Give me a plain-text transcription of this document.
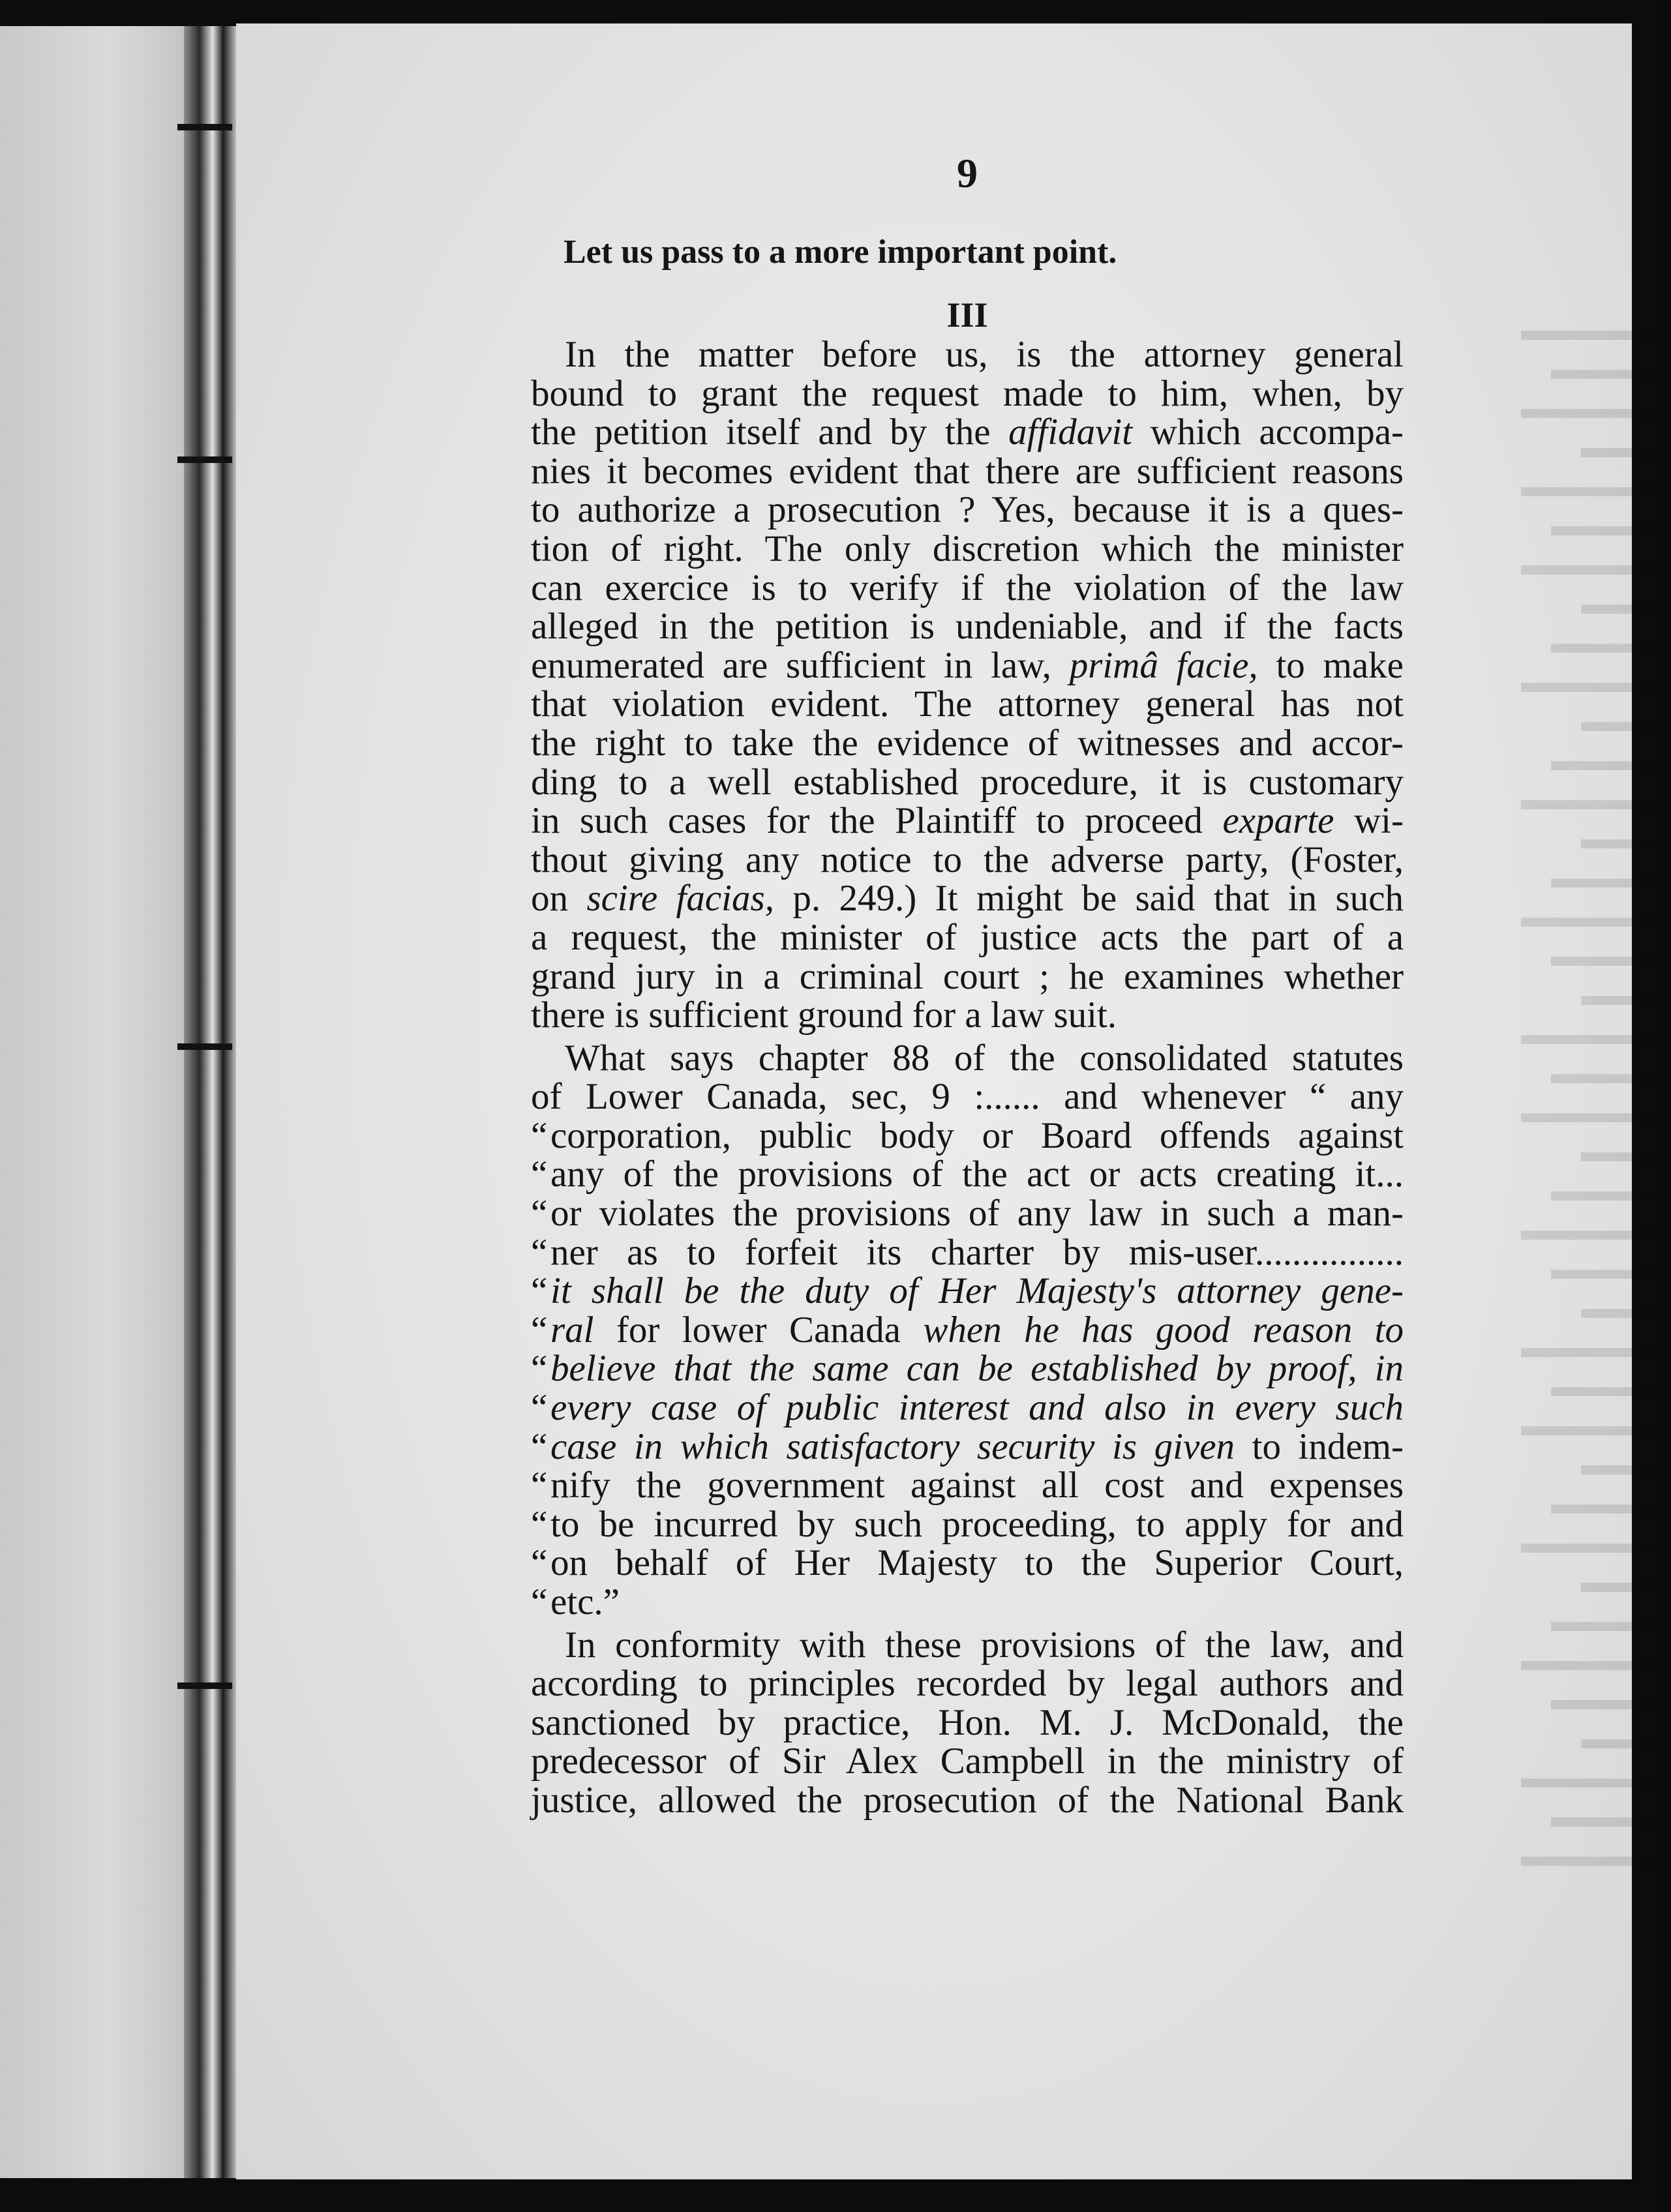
▬▬▬▬▬
▬▬▬▬
▬▬▬▬▬
▬▬▬
▬▬▬▬▬
▬▬▬▬
▬▬▬▬▬
▬▬▬
▬▬▬▬
▬▬▬▬▬
▬▬▬
▬▬▬▬
▬▬▬▬▬
▬▬▬
▬▬▬▬
▬▬▬▬▬
▬▬▬▬
▬▬▬
▬▬▬▬▬
▬▬▬▬
▬▬▬▬▬
▬▬▬
▬▬▬▬
▬▬▬▬▬
▬▬▬▬
▬▬▬
▬▬▬▬▬
▬▬▬▬
▬▬▬▬▬
▬▬▬
▬▬▬▬
▬▬▬▬▬
▬▬▬
▬▬▬▬
▬▬▬▬▬
▬▬▬▬
▬▬▬
▬▬▬▬▬
▬▬▬▬
▬▬▬▬▬
9
Let us pass to a more important point.
III
In the matter before us, is the attorney general
bound to grant the request made to him, when, by
the petition itself and by the affidavit which accompa-
nies it becomes evident that there are sufficient reasons
to authorize a prosecution ? Yes, because it is a ques-
tion of right. The only discretion which the minister
can exercice is to verify if the violation of the law
alleged in the petition is undeniable, and if the facts
enumerated are sufficient in law, primâ facie, to make
that violation evident. The attorney general has not
the right to take the evidence of witnesses and accor-
ding to a well established procedure, it is customary
in such cases for the Plaintiff to proceed exparte wi-
thout giving any notice to the adverse party, (Foster,
on scire facias, p. 249.) It might be said that in such
a request, the minister of justice acts the part of a
grand jury in a criminal court ; he examines whether
there is sufficient ground for a law suit.
What says chapter 88 of the consolidated statutes
of Lower Canada, sec, 9 :...... and whenever “ any
“ corporation, public body or Board offends against
“ any of the provisions of the act or acts creating it...
“ or violates the provisions of any law in such a man-
“ ner as to forfeit its charter by mis-user................
“ it shall be the duty of Her Majesty's attorney gene-
“ ral for lower Canada when he has good reason to
“ believe that the same can be established by proof, in
“ every case of public interest and also in every such
“ case in which satisfactory security is given to indem-
“ nify the government against all cost and expenses
“ to be incurred by such proceeding, to apply for and
“ on behalf of Her Majesty to the Superior Court,
“ etc.”
In conformity with these provisions of the law, and
according to principles recorded by legal authors and
sanctioned by practice, Hon. M. J. McDonald, the
predecessor of Sir Alex Campbell in the ministry of
justice, allowed the prosecution of the National Bank
